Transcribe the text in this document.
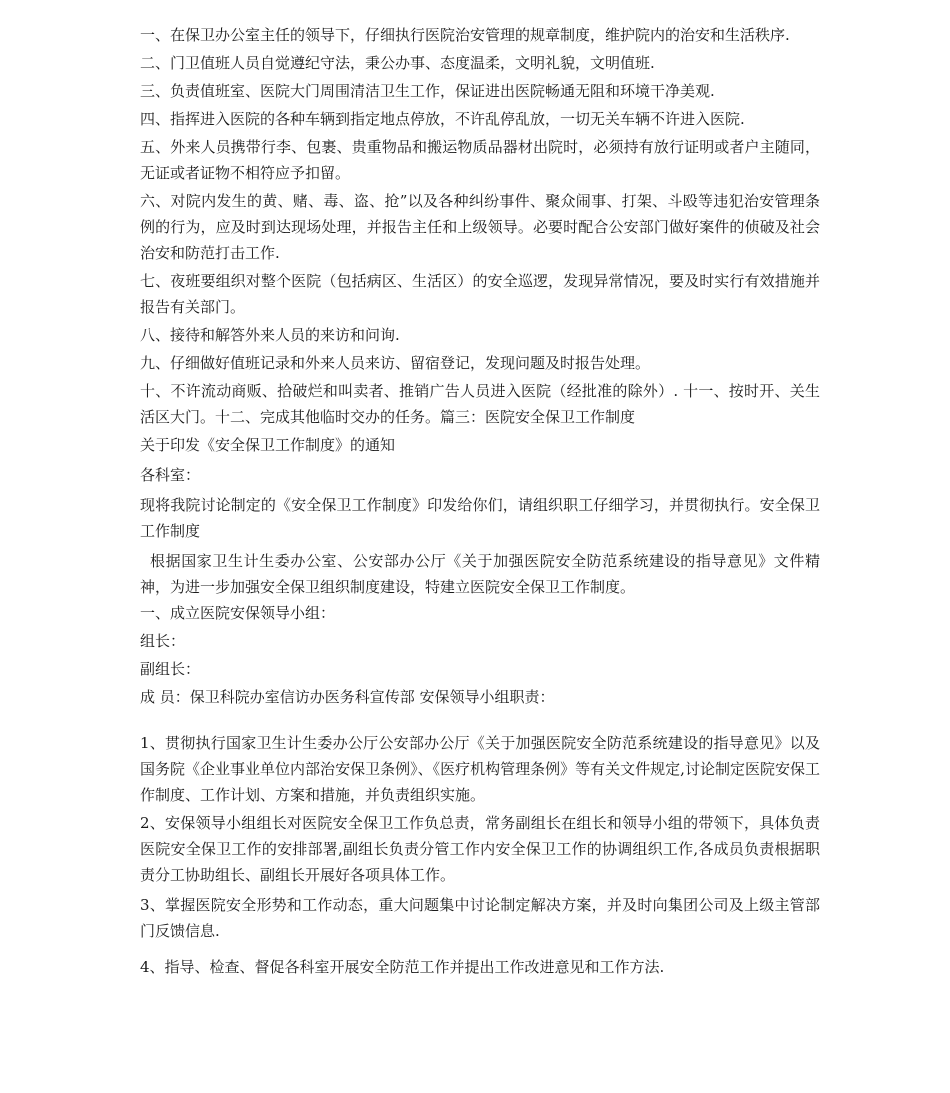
一、在保卫办公室主任的领导下，仔细执行医院治安管理的规章制度，维护院内的治安和生活秩序.

二、门卫值班人员自觉遵纪守法，秉公办事、态度温柔，文明礼貌，文明值班.

三、负责值班室、医院大门周围清洁卫生工作，保证进出医院畅通无阻和环境干净美观.

四、指挥进入医院的各种车辆到指定地点停放，不许乱停乱放，一切无关车辆不许进入医院.

五、外来人员携带行李、包裹、贵重物品和搬运物质品器材出院时，必须持有放行证明或者户主随同，无证或者证物不相符应予扣留。

六、对院内发生的黄、赌、毒、盗、抢”以及各种纠纷事件、聚众闹事、打架、斗殴等违犯治安管理条例的行为，应及时到达现场处理，并报告主任和上级领导。必要时配合公安部门做好案件的侦破及社会治安和防范打击工作.

七、夜班要组织对整个医院（包括病区、生活区）的安全巡逻，发现异常情况，要及时实行有效措施并报告有关部门。

八、接待和解答外来人员的来访和问询.

九、仔细做好值班记录和外来人员来访、留宿登记，发现问题及时报告处理。

十、不许流动商贩、拾破烂和叫卖者、推销广告人员进入医院（经批准的除外）. 十一、按时开、关生活区大门。十二、完成其他临时交办的任务。篇三：医院安全保卫工作制度

关于印发《安全保卫工作制度》的通知

各科室：

现将我院讨论制定的《安全保卫工作制度》印发给你们，请组织职工仔细学习，并贯彻执行。安全保卫工作制度

根据国家卫生计生委办公室、公安部办公厅《关于加强医院安全防范系统建设的指导意见》文件精神，为进一步加强安全保卫组织制度建设，特建立医院安全保卫工作制度。

一、成立医院安保领导小组：

组长：

副组长：

成 员：保卫科院办室信访办医务科宣传部 安保领导小组职责：

1、贯彻执行国家卫生计生委办公厅公安部办公厅《关于加强医院安全防范系统建设的指导意见》以及国务院《企业事业单位内部治安保卫条例》、《医疗机构管理条例》等有关文件规定,讨论制定医院安保工作制度、工作计划、方案和措施，并负责组织实施。

2、安保领导小组组长对医院安全保卫工作负总责，常务副组长在组长和领导小组的带领下，具体负责医院安全保卫工作的安排部署,副组长负责分管工作内安全保卫工作的协调组织工作,各成员负责根据职责分工协助组长、副组长开展好各项具体工作。

3、掌握医院安全形势和工作动态，重大问题集中讨论制定解决方案，并及时向集团公司及上级主管部门反馈信息.

4、指导、检查、督促各科室开展安全防范工作并提出工作改进意见和工作方法.
